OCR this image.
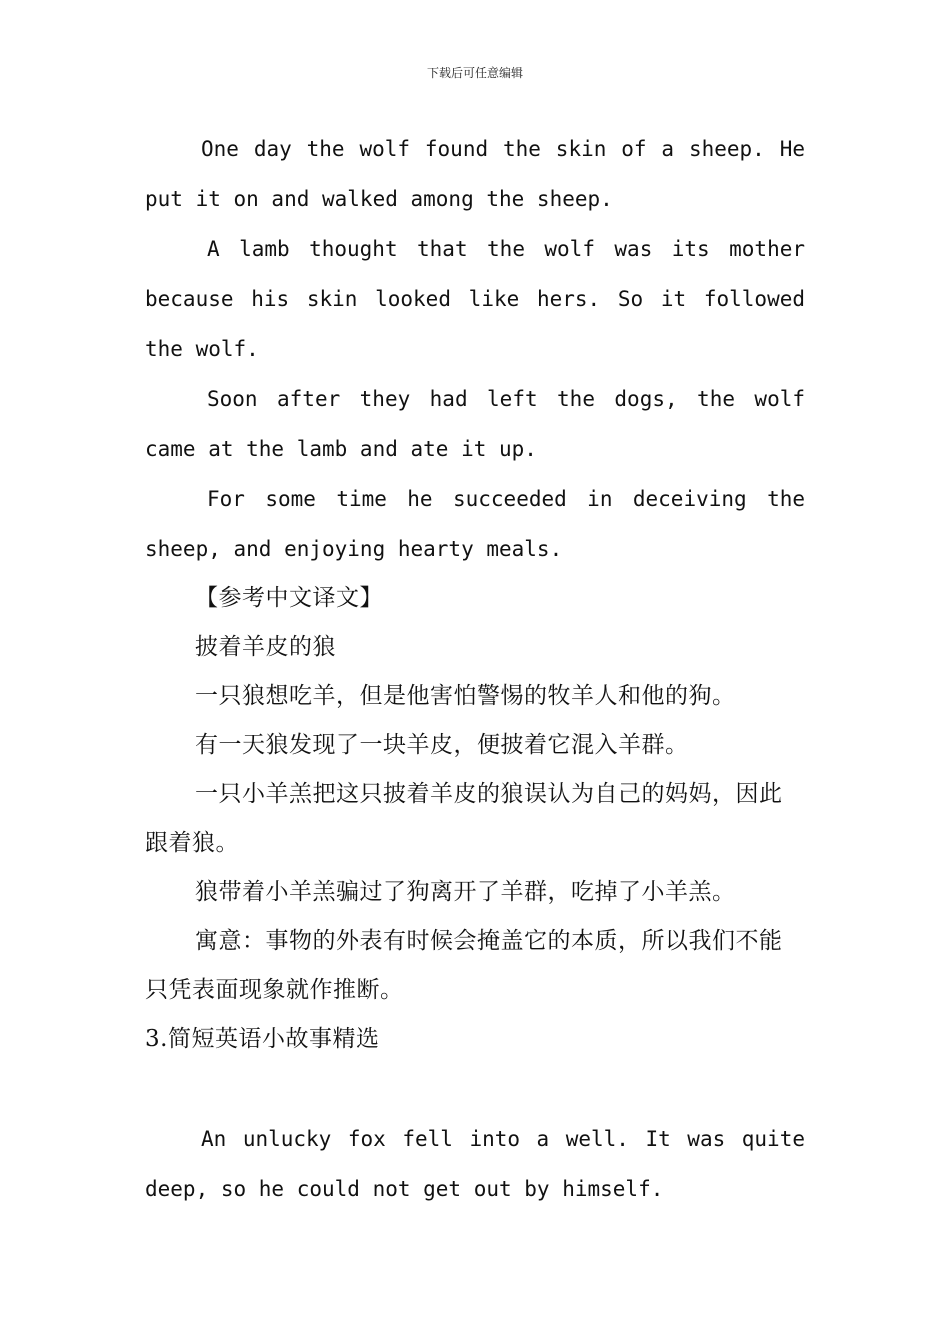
下载后可任意编辑

One day the wolf found the skin of a sheep. He put it on and walked among the sheep.

A lamb thought that the wolf was its mother because his skin looked like hers. So it followed the wolf.

Soon after they had left the dogs, the wolf came at the lamb and ate it up.

For some time he succeeded in deceiving the sheep, and enjoying hearty meals.

【参考中文译文】

披着羊皮的狼

一只狼想吃羊，但是他害怕警惕的牧羊人和他的狗。

有一天狼发现了一块羊皮，便披着它混入羊群。

一只小羊羔把这只披着羊皮的狼误认为自己的妈妈，因此跟着狼。

狼带着小羊羔骗过了狗离开了羊群，吃掉了小羊羔。

寓意：事物的外表有时候会掩盖它的本质，所以我们不能只凭表面现象就作推断。

3.简短英语小故事精选

An unlucky fox fell into a well. It was quite deep, so he could not get out by himself.
